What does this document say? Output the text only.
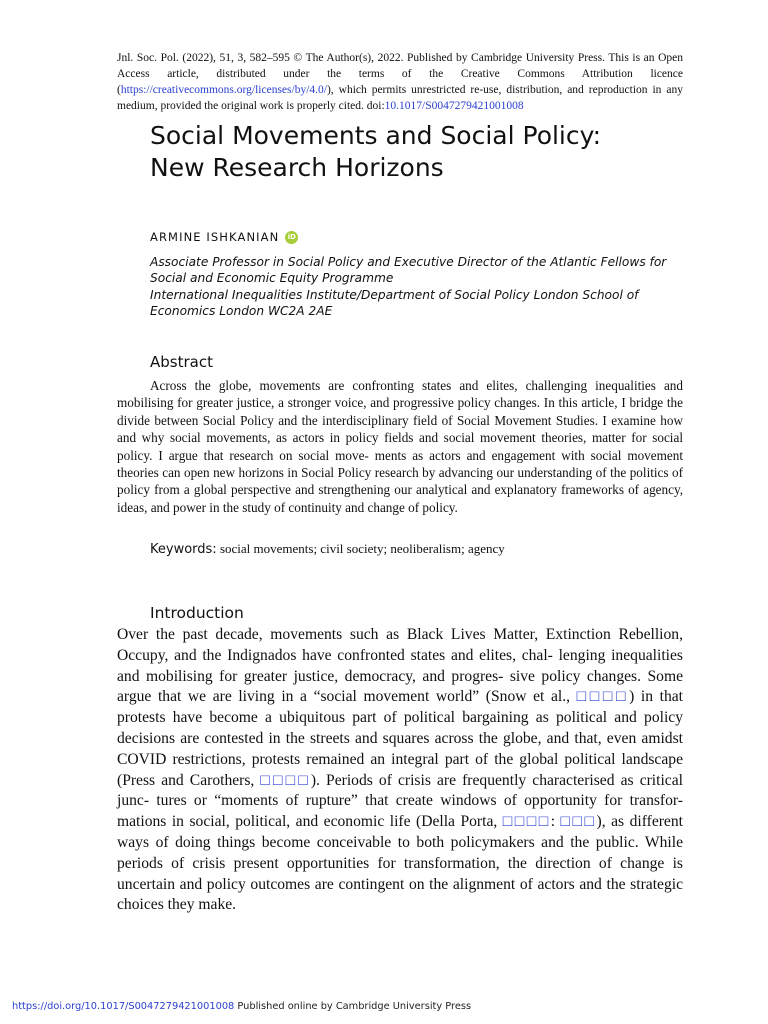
Jnl. Soc. Pol. (2022), 51, 3, 582–595 © The Author(s), 2022. Published by Cambridge University Press. This is an Open Access article, distributed under the terms of the Creative Commons Attribution licence (https://creativecommons.org/licenses/by/4.0/), which permits unrestricted re-use, distribution, and reproduction in any medium, provided the original work is properly cited. doi:10.1017/S0047279421001008
Social Movements and Social Policy:
New Research Horizons
ARMINE ISHKANIAN	iD
Associate Professor in Social Policy and Executive Director of the Atlantic Fellows for Social and Economic Equity Programme
International Inequalities Institute/Department of Social Policy London School of Economics London WC2A 2AE
Abstract

Across the globe, movements are confronting states and elites, challenging inequalities and mobilising for greater justice, a stronger voice, and progressive policy changes. In this article, I bridge the divide between Social Policy and the interdisciplinary field of Social Movement Studies. I examine how and why social movements, as actors in policy fields and social movement theories, matter for social policy. I argue that research on social move- ments as actors and engagement with social movement theories can open new horizons in Social Policy research by advancing our understanding of the politics of policy from a global perspective and strengthening our analytical and explanatory frameworks of agency, ideas, and power in the study of continuity and change of policy.

Keywords: social movements; civil society; neoliberalism; agency
Introduction

Over the past decade, movements such as Black Lives Matter, Extinction Rebellion, Occupy, and the Indignados have confronted states and elites, chal- lenging inequalities and mobilising for greater justice, democracy, and progres- sive policy changes. Some argue that we are living in a “social movement world” (Snow et al., □□□□) in that protests have become a ubiquitous part of political bargaining as political and policy decisions are contested in the streets and squares across the globe, and that, even amidst COVID restrictions, protests remained an integral part of the global political landscape (Press and Carothers, □□□□). Periods of crisis are frequently characterised as critical junc- tures or “moments of rupture” that create windows of opportunity for transfor- mations in social, political, and economic life (Della Porta, □□□□: □□□), as different ways of doing things become conceivable to both policymakers and the public. While periods of crisis present opportunities for transformation, the direction of change is uncertain and policy outcomes are contingent on the alignment of actors and the strategic choices they make.

https://doi.org/10.1017/S0047279421001008 Published online by Cambridge University Press
